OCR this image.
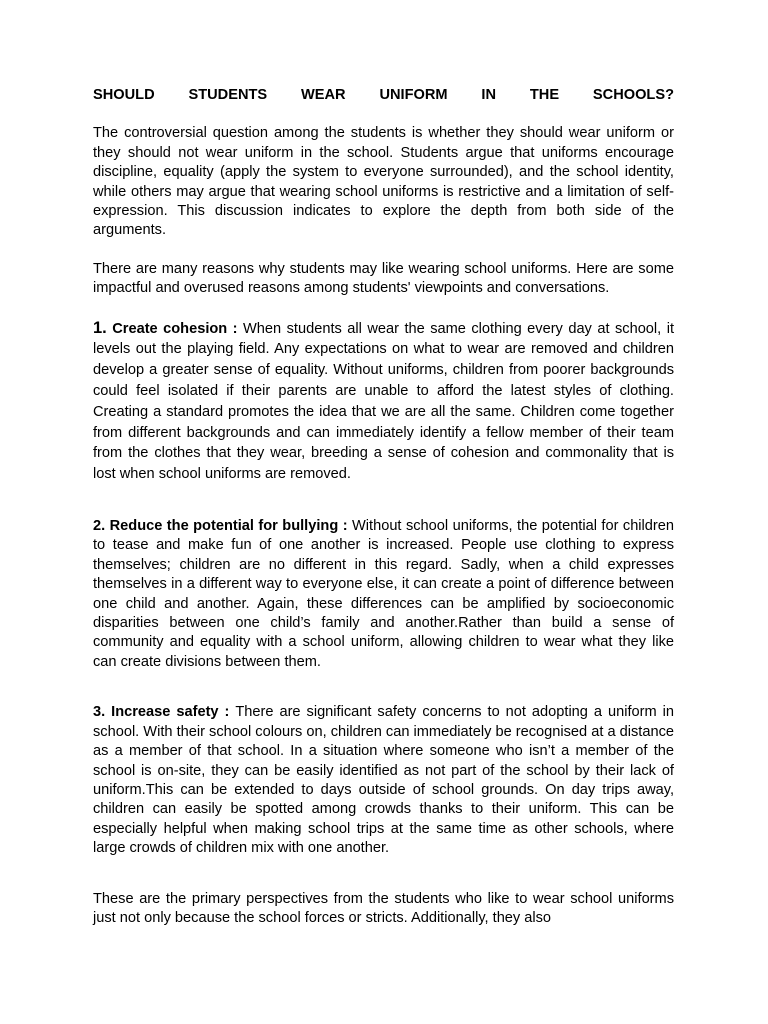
SHOULD STUDENTS WEAR UNIFORM IN THE SCHOOLS?

The controversial question among the students is whether they should wear uniform or they should not wear uniform in the school. Students argue that uniforms encourage discipline, equality (apply the system to everyone surrounded), and the school identity, while others may argue that wearing school uniforms is restrictive and a limitation of self-expression. This discussion indicates to explore the depth from both side of the arguments.

There are many reasons why students may like wearing school uniforms. Here are some impactful and overused reasons among students' viewpoints and conversations.

1. Create cohesion : When students all wear the same clothing every day at school, it levels out the playing field. Any expectations on what to wear are removed and children develop a greater sense of equality. Without uniforms, children from poorer backgrounds could feel isolated if their parents are unable to afford the latest styles of clothing. Creating a standard promotes the idea that we are all the same. Children come together from different backgrounds and can immediately identify a fellow member of their team from the clothes that they wear, breeding a sense of cohesion and commonality that is lost when school uniforms are removed.

2. Reduce the potential for bullying : Without school uniforms, the potential for children to tease and make fun of one another is increased. People use clothing to express themselves; children are no different in this regard. Sadly, when a child expresses themselves in a different way to everyone else, it can create a point of difference between one child and another. Again, these differences can be amplified by socioeconomic disparities between one child’s family and another.Rather than build a sense of community and equality with a school uniform, allowing children to wear what they like can create divisions between them.

3. Increase safety : There are significant safety concerns to not adopting a uniform in school. With their school colours on, children can immediately be recognised at a distance as a member of that school. In a situation where someone who isn’t a member of the school is on-site, they can be easily identified as not part of the school by their lack of uniform.This can be extended to days outside of school grounds. On day trips away, children can easily be spotted among crowds thanks to their uniform. This can be especially helpful when making school trips at the same time as other schools, where large crowds of children mix with one another.

These are the primary perspectives from the students who like to wear school uniforms just not only because the school forces or stricts. Additionally, they also
